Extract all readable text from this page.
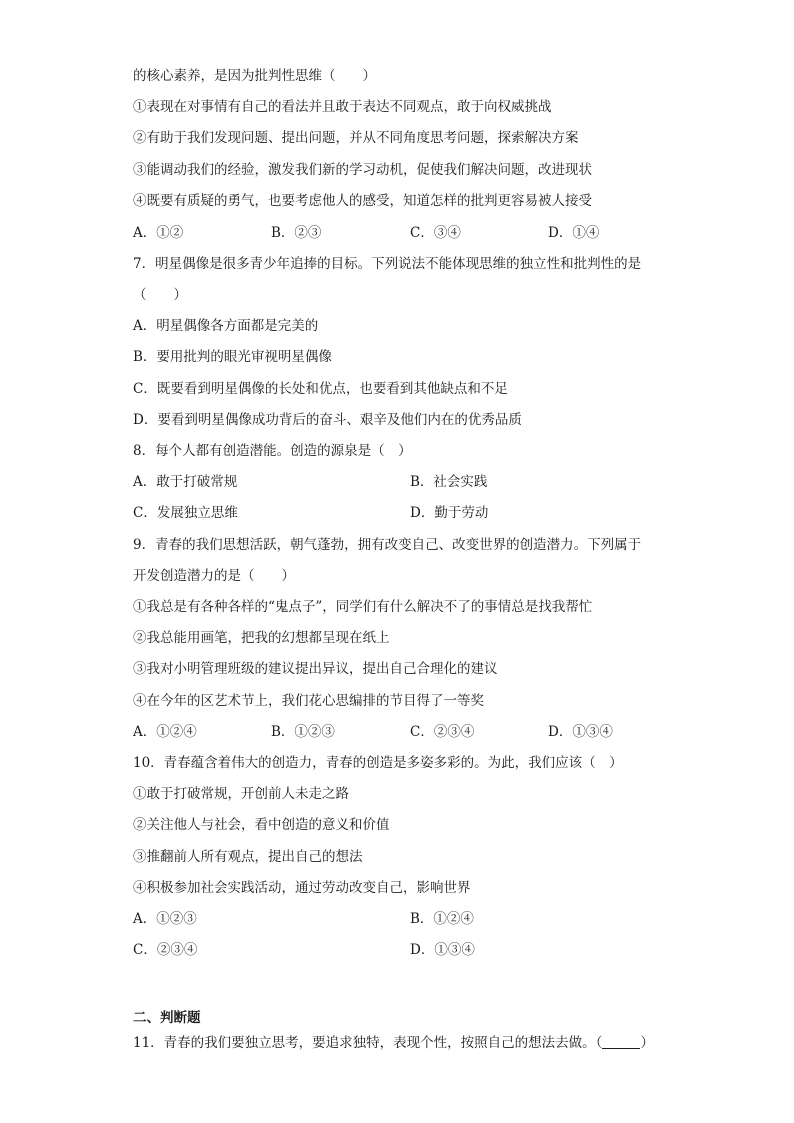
的核心素养，是因为批判性思维（　　）
①表现在对事情有自己的看法并且敢于表达不同观点，敢于向权威挑战
②有助于我们发现问题、提出问题，并从不同角度思考问题，探索解决方案
③能调动我们的经验，激发我们新的学习动机，促使我们解决问题，改进现状
④既要有质疑的勇气，也要考虑他人的感受，知道怎样的批判更容易被人接受
A．①②	B．②③	C．③④	D．①④
7．明星偶像是很多青少年追捧的目标。下列说法不能体现思维的独立性和批判性的是
（　　）
A．明星偶像各方面都是完美的
B．要用批判的眼光审视明星偶像
C．既要看到明星偶像的长处和优点，也要看到其他缺点和不足
D．要看到明星偶像成功背后的奋斗、艰辛及他们内在的优秀品质
8．每个人都有创造潜能。创造的源泉是（　）
A．敢于打破常规	B．社会实践
C．发展独立思维	D．勤于劳动
9．青春的我们思想活跃，朝气蓬勃，拥有改变自己、改变世界的创造潜力。下列属于
开发创造潜力的是（　　）
①我总是有各种各样的“鬼点子”，同学们有什么解决不了的事情总是找我帮忙
②我总能用画笔，把我的幻想都呈现在纸上
③我对小明管理班级的建议提出异议，提出自己合理化的建议
④在今年的区艺术节上，我们花心思编排的节目得了一等奖
A．①②④	B．①②③	C．②③④	D．①③④
10．青春蕴含着伟大的创造力，青春的创造是多姿多彩的。为此，我们应该（　）
①敢于打破常规，开创前人未走之路
②关注他人与社会，看中创造的意义和价值
③推翻前人所有观点，提出自己的想法
④积极参加社会实践活动，通过劳动改变自己，影响世界
A．①②③	B．①②④
C．②③④	D．①③④
二、判断题
11．青春的我们要独立思考，要追求独特，表现个性，按照自己的想法去做。（	）
